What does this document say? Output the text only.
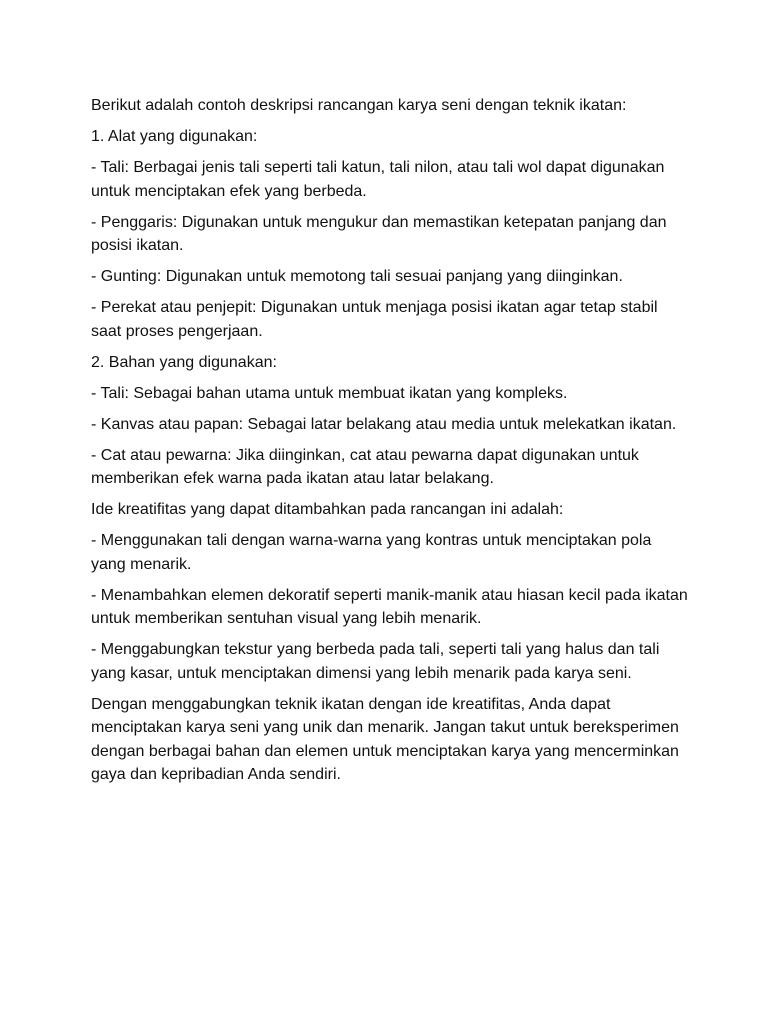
Berikut adalah contoh deskripsi rancangan karya seni dengan teknik ikatan:

1. Alat yang digunakan:

- Tali: Berbagai jenis tali seperti tali katun, tali nilon, atau tali wol dapat digunakan untuk menciptakan efek yang berbeda.

- Penggaris: Digunakan untuk mengukur dan memastikan ketepatan panjang dan posisi ikatan.

- Gunting: Digunakan untuk memotong tali sesuai panjang yang diinginkan.

- Perekat atau penjepit: Digunakan untuk menjaga posisi ikatan agar tetap stabil saat proses pengerjaan.

2. Bahan yang digunakan:

- Tali: Sebagai bahan utama untuk membuat ikatan yang kompleks.

- Kanvas atau papan: Sebagai latar belakang atau media untuk melekatkan ikatan.

- Cat atau pewarna: Jika diinginkan, cat atau pewarna dapat digunakan untuk memberikan efek warna pada ikatan atau latar belakang.

Ide kreatifitas yang dapat ditambahkan pada rancangan ini adalah:

- Menggunakan tali dengan warna-warna yang kontras untuk menciptakan pola yang menarik.

- Menambahkan elemen dekoratif seperti manik-manik atau hiasan kecil pada ikatan untuk memberikan sentuhan visual yang lebih menarik.

- Menggabungkan tekstur yang berbeda pada tali, seperti tali yang halus dan tali yang kasar, untuk menciptakan dimensi yang lebih menarik pada karya seni.

Dengan menggabungkan teknik ikatan dengan ide kreatifitas, Anda dapat menciptakan karya seni yang unik dan menarik. Jangan takut untuk bereksperimen dengan berbagai bahan dan elemen untuk menciptakan karya yang mencerminkan gaya dan kepribadian Anda sendiri.
